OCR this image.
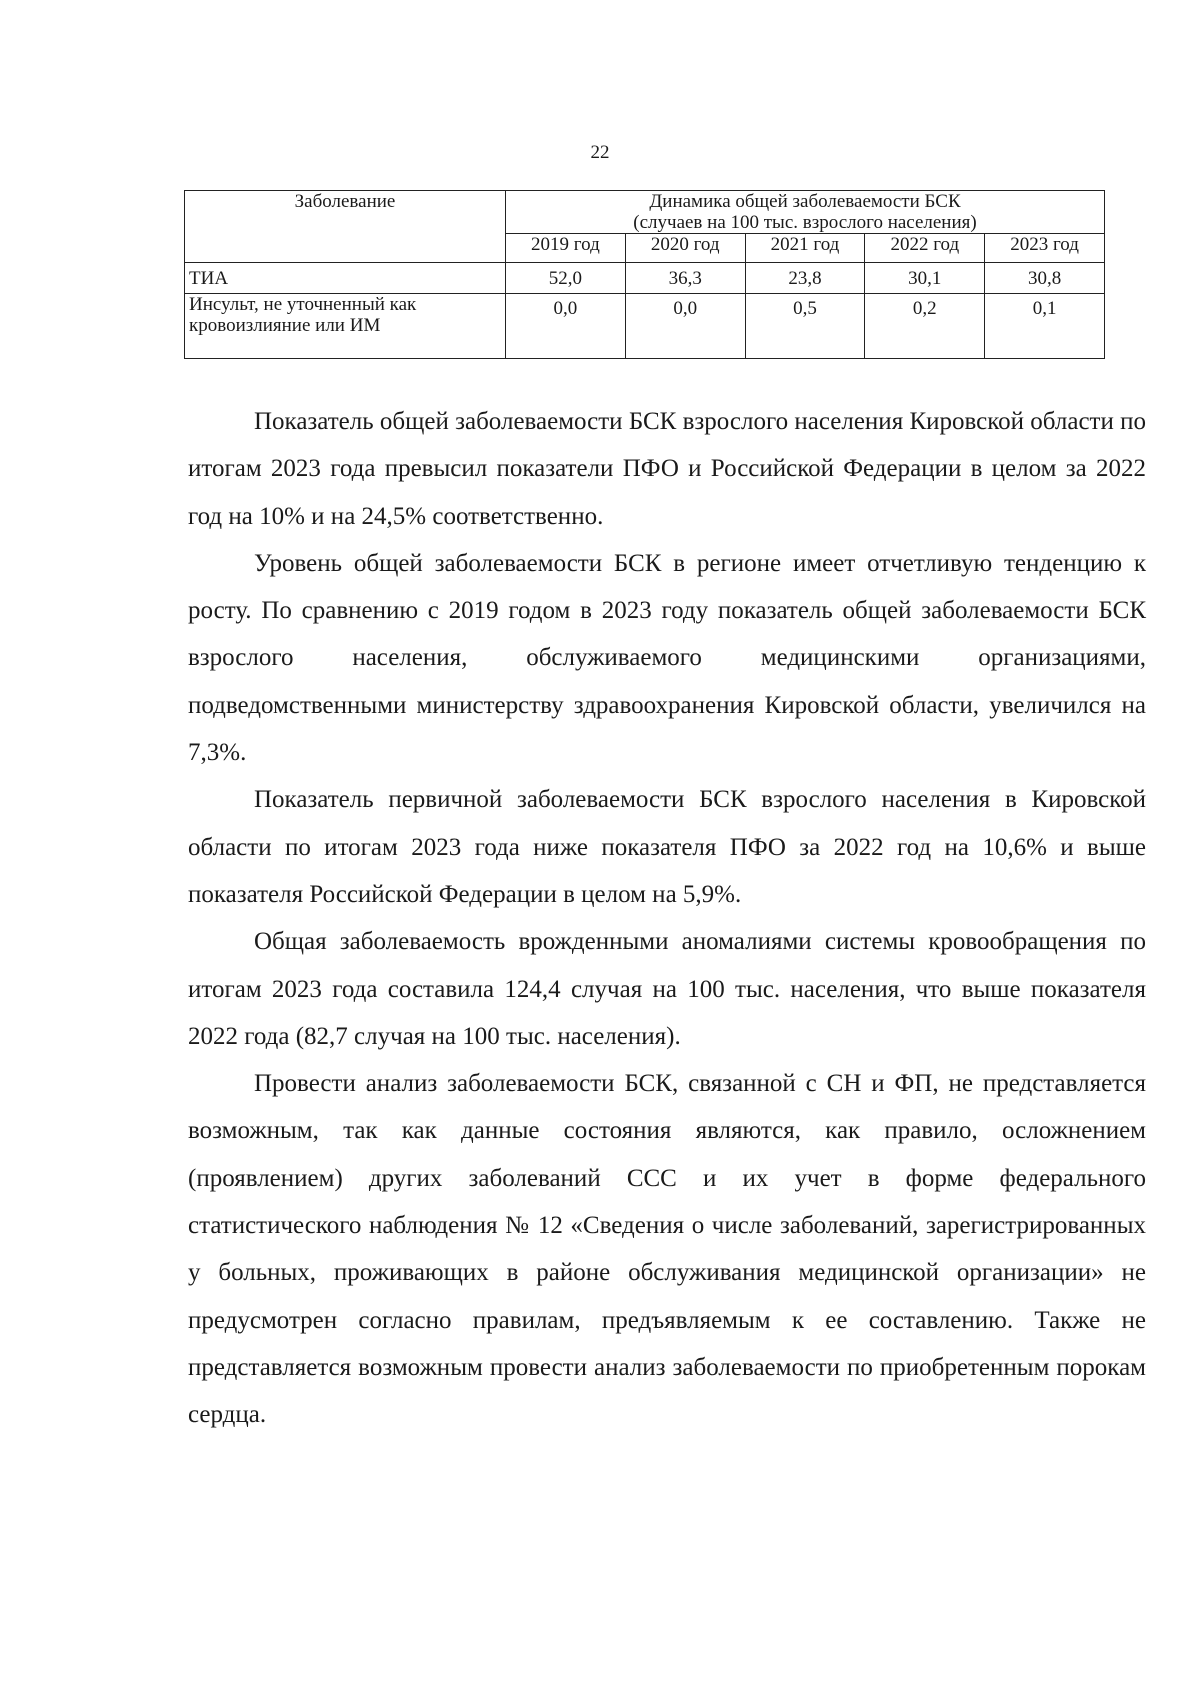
22
Заболевание	Динамика общей заболеваемости БСК
(случаев на 100 тыс. взрослого населения)				
	2019 год	2020 год	2021 год	2022 год	2023 год
ТИА	52,0	36,3	23,8	30,1	30,8
Инсульт, не уточненный как
кровоизлияние или ИМ	0,0	0,0	0,5	0,2	0,1

Показатель общей заболеваемости БСК взрослого населения Кировской области по итогам 2023 года превысил показатели ПФО и Российской Федерации в целом за 2022 год на 10% и на 24,5% соответственно.

Уровень общей заболеваемости БСК в регионе имеет отчетливую тенденцию к росту. По сравнению с 2019 годом в 2023 году показатель общей заболеваемости БСК взрослого населения, обслуживаемого медицинскими организациями, подведомственными министерству здравоохранения Кировской области, увеличился на 7,3%.

Показатель первичной заболеваемости БСК взрослого населения в Кировской области по итогам 2023 года ниже показателя ПФО за 2022 год на 10,6% и выше показателя Российской Федерации в целом на 5,9%.

Общая заболеваемость врожденными аномалиями системы кровообращения по итогам 2023 года составила 124,4 случая на 100 тыс. населения, что выше показателя 2022 года (82,7 случая на 100 тыс. населения).

Провести анализ заболеваемости БСК, связанной с СН и ФП, не представляется возможным, так как данные состояния являются, как правило, осложнением (проявлением) других заболеваний ССС и их учет в форме федерального статистического наблюдения № 12 «Сведения о числе заболеваний, зарегистрированных у больных, проживающих в районе обслуживания медицинской организации» не предусмотрен согласно правилам, предъявляемым к ее составлению. Также не представляется возможным провести анализ заболеваемости по приобретенным порокам сердца.
